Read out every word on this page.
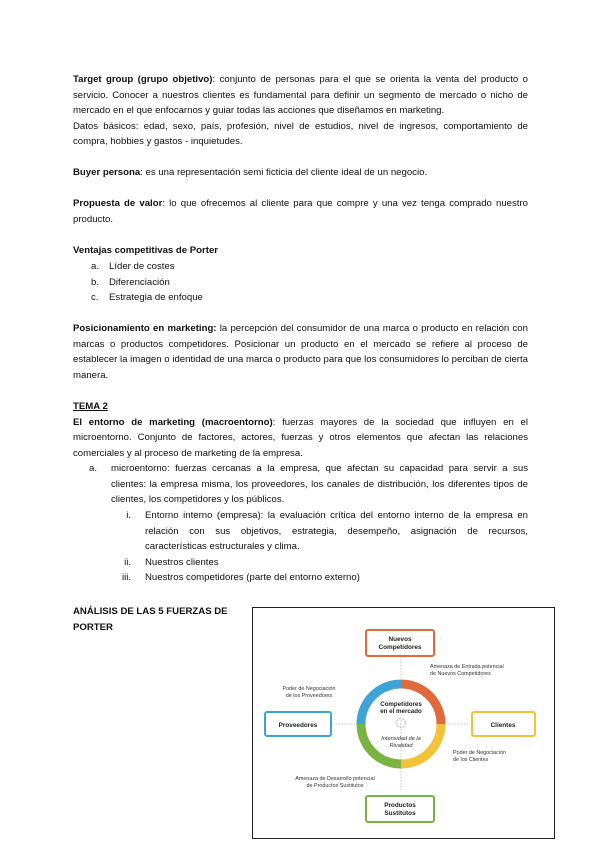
Target group (grupo objetivo): conjunto de personas para el que se orienta la venta del producto o servicio. Conocer a nuestros clientes es fundamental para definir un segmento de mercado o nicho de mercado en el que enfocarnos y guiar todas las acciones que diseñamos en marketing.

Datos básicos: edad, sexo, país, profesión, nivel de estudios, nivel de ingresos, comportamiento de compra, hobbies y gastos - inquietudes.

Buyer persona: es una representación semi ficticia del cliente ideal de un negocio.

Propuesta de valor: lo que ofrecemos al cliente para que compre y una vez tenga comprado nuestro producto.

Ventajas competitivas de Porter

a. Líder de costes
b. Diferenciación
c. Estrategia de enfoque

Posicionamiento en marketing: la percepción del consumidor de una marca o producto en relación con marcas o productos competidores. Posicionar un producto en el mercado se refiere al proceso de establecer la imagen o identidad de una marca o producto para que los consumidores lo perciban de cierta manera.

TEMA 2

El entorno de marketing (macroentorno): fuerzas mayores de la sociedad que influyen en el microentorno. Conjunto de factores, actores, fuerzas y otros elementos que afectan las relaciones comerciales y al proceso de marketing de la empresa.

a. microentorno: fuerzas cercanas a la empresa, que afectan su capacidad para servir a sus clientes: la empresa misma, los proveedores, los canales de distribución, los diferentes tipos de clientes, los competidores y los públicos.
i. Entorno interno (empresa): la evaluación crítica del entorno interno de la empresa en relación con sus objetivos, estrategia, desempeño, asignación de recursos, características estructurales y clima.
ii. Nuestros clientes
iii. Nuestros competidores (parte del entorno externo)
ANÁLISIS DE LAS 5 FUERZAS DE PORTER
Competidores
en el mercado
Intensidad de la
Rivalidad
Nuevos
Competidores
Proveedores	Clientes
Productos
Sustitutos
Amenaza de Entrada potencial
de Nuevos Competidores
Poder de Negociación
de los Proveedores
Poder de Negociación
de los Clientes
Amenaza de Desarrollo potencial
de Productos Sustitutos
